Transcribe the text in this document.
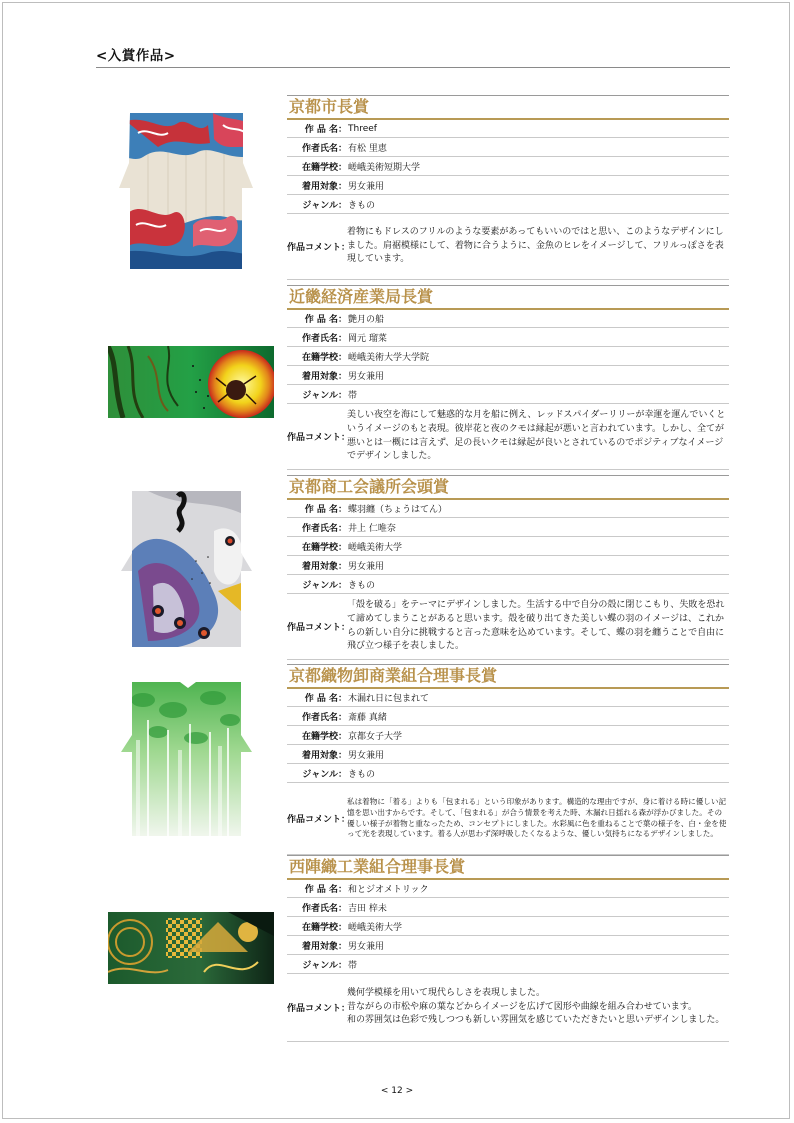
<入賞作品>
京都市長賞
作 品 名： Threef
作者氏名： 有松 里恵
在籍学校： 嵯峨美術短期大学
着用対象： 男女兼用
ジャンル： きもの
作品コメント：
着物にもドレスのフリルのような要素があってもいいのではと思い、このようなデザインにしました。肩裾模様にして、着物に合うように、金魚のヒレをイメージして、フリルっぽさを表現しています。
近畿経済産業局長賞
作 品 名： 艶月の船
作者氏名： 岡元 瑠菜
在籍学校： 嵯峨美術大学大学院
着用対象： 男女兼用
ジャンル： 帯
作品コメント：
美しい夜空を海にして魅惑的な月を船に例え、レッドスパイダーリリーが幸運を運んでいくというイメージのもと表現。彼岸花と夜のクモは縁起が悪いと言われています。しかし、全てが悪いとは一概には言えず、足の長いクモは縁起が良いとされているのでポジティブなイメージでデザインしました。
京都商工会議所会頭賞
作 品 名： 蝶羽纏（ちょうはてん）
作者氏名： 井上 仁唯奈
在籍学校： 嵯峨美術大学
着用対象： 男女兼用
ジャンル： きもの
作品コメント：
「殻を破る」をテーマにデザインしました。生活する中で自分の殻に閉じこもり、失敗を恐れて諦めてしまうことがあると思います。殻を破り出てきた美しい蝶の羽のイメージは、これからの新しい自分に挑戦すると言った意味を込めています。そして、蝶の羽を纏うことで自由に飛び立つ様子を表しました。
京都織物卸商業組合理事長賞
作 品 名： 木漏れ日に包まれて
作者氏名： 斎藤 真緒
在籍学校： 京都女子大学
着用対象： 男女兼用
ジャンル： きもの
作品コメント：
私は着物に「着る」よりも「包まれる」という印象があります。構造的な理由ですが、身に着ける時に優しい記憶を思い出すからです。そして、「包まれる」が合う情景を考えた時、木漏れ日揺れる森が浮かびました。その優しい様子が着物と重なったため、コンセプトにしました。水彩風に色を重ねることで葉の様子を、白・金を使って光を表現しています。着る人が思わず深呼吸したくなるような、優しい気持ちになるデザインしました。
西陣織工業組合理事長賞
作 品 名： 和とジオメトリック
作者氏名： 吉田 梓未
在籍学校： 嵯峨美術大学
着用対象： 男女兼用
ジャンル： 帯
作品コメント：
幾何学模様を用いて現代らしさを表現しました。
昔ながらの市松や麻の葉などからイメージを広げて図形や曲線を組み合わせています。
和の雰囲気は色彩で残しつつも新しい雰囲気を感じていただきたいと思いデザインしました。
< 12 >
